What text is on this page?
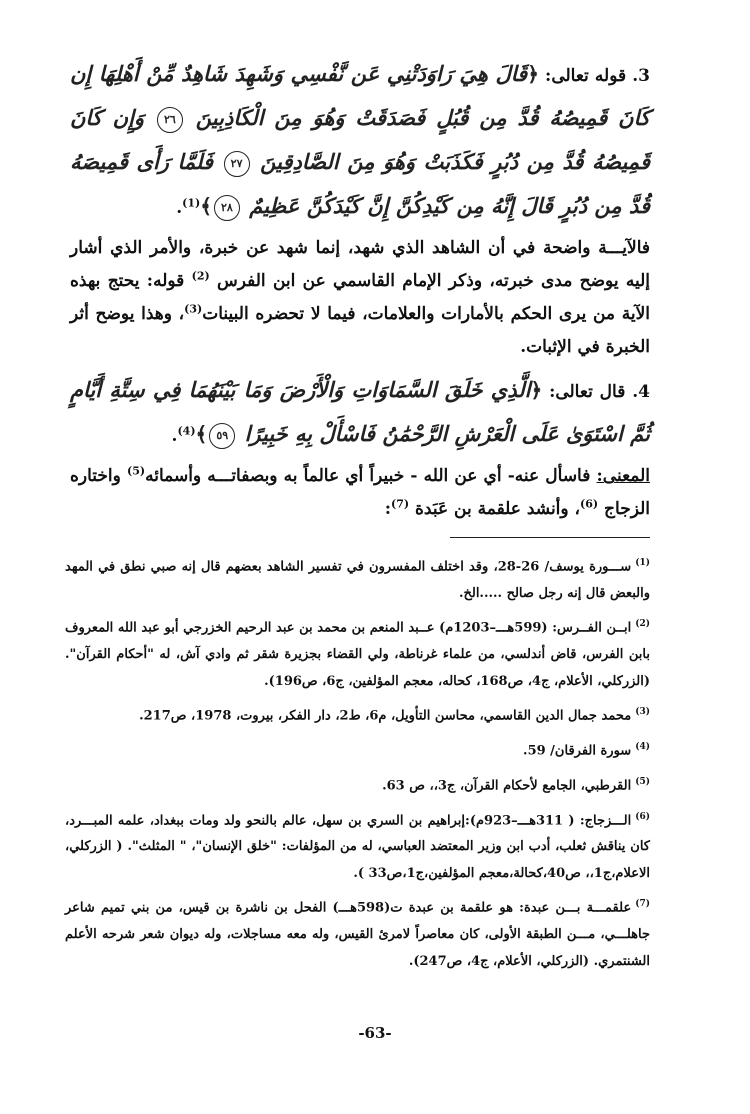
3. قوله تعالى: ﴿قَالَ هِيَ رَاوَدَتْنِي عَن نَّفْسِي وَشَهِدَ شَاهِدٌ مِّنْ أَهْلِهَا إِن كَانَ قَمِيصُهُ قُدَّ مِن قُبُلٍ فَصَدَقَتْ وَهُوَ مِنَ الْكَاذِبِينَ ٢٦ وَإِن كَانَ قَمِيصُهُ قُدَّ مِن دُبُرٍ فَكَذَبَتْ وَهُوَ مِنَ الصَّادِقِينَ ٢٧ فَلَمَّا رَأَى قَمِيصَهُ قُدَّ مِن دُبُرٍ قَالَ إِنَّهُ مِن كَيْدِكُنَّ إِنَّ كَيْدَكُنَّ عَظِيمٌ ٢٨﴾$^{(1)}$.

فالآيـــة واضحة في أن الشاهد الذي شهد، إنما شهد عن خبرة، والأمر الذي أشار إليه يوضح مدى خبرته، وذكر الإمام القاسمي عن ابن الفرس $^{(2)}$ قوله: يحتج بهذه الآية من يرى الحكم بالأمارات والعلامات، فيما لا تحضره البينات$^{(3)}$، وهذا يوضح أثر الخبرة في الإثبات.

4. قال تعالى: ﴿الَّذِي خَلَقَ السَّمَاوَاتِ وَالْأَرْضَ وَمَا بَيْنَهُمَا فِي سِتَّةِ أَيَّامٍ ثُمَّ اسْتَوَىٰ عَلَى الْعَرْشِ الرَّحْمَٰنُ فَاسْأَلْ بِهِ خَبِيرًا ٥٩﴾$^{(4)}$.

المعنى: فاسأل عنه- أي عن الله - خبيراً أي عالماً به وبصفاتـــه وأسمائه$^{(5)}$ واختاره الزجاج $^{(6)}$، وأنشد علقمة بن عَبَدة $^{(7)}$:

$^{(1)}$ســـورة يوسف/ 26-28، وقد اختلف المفسرون في تفسير الشاهد بعضهم قال إنه صبي نطق في المهد والبعض قال إنه رجل صالح .....الخ.
$^{(2)}$ابــن الفــرس: (599هـــ–1203م) عــبد المنعم بن محمد بن عبد الرحيم الخزرجي أبو عبد الله المعروف بابن الفرس، قاض أندلسي، من علماء غرناطة، ولي القضاء بجزيرة شقر ثم وادي آش، له "أحكام القرآن". (الزركلي، الأعلام، ج4، ص168، كحاله، معجم المؤلفين، ج6، ص196).
$^{(3)}$محمد جمال الدين القاسمي، محاسن التأويل، م6، ط2، دار الفكر، بيروت، 1978، ص217.
$^{(4)}$سورة الفرقان/ 59.
$^{(5)}$القرطبي، الجامع لأحكام القرآن، ج3،، ص 63.
$^{(6)}$الـــزجاج: ( 311هـــ–923م):إبراهيم بن السري بن سهل، عالم بالنحو ولد ومات ببغداد، علمه المبـــرد، كان يناقش ثعلب، أدب ابن وزير المعتضد العباسي، له من المؤلفات: "خلق الإنسان"، " المثلث". ( الزركلي، الاعلام،ج1،، ص40،كحالة،معجم المؤلفين،ج1،ص33 ).
$^{(7)}$علقمـــة بـــن عبدة: هو علقمة بن عبدة ت(598هـــ) الفحل بن ناشرة بن قيس، من بني تميم شاعر جاهلـــي، مـــن الطبقة الأولى، كان معاصراً لامرئ القيس، وله معه مساجلات، وله ديوان شعر شرحه الأعلم الشنتمري. (الزركلي، الأعلام، ج4، ص247).
-63-
